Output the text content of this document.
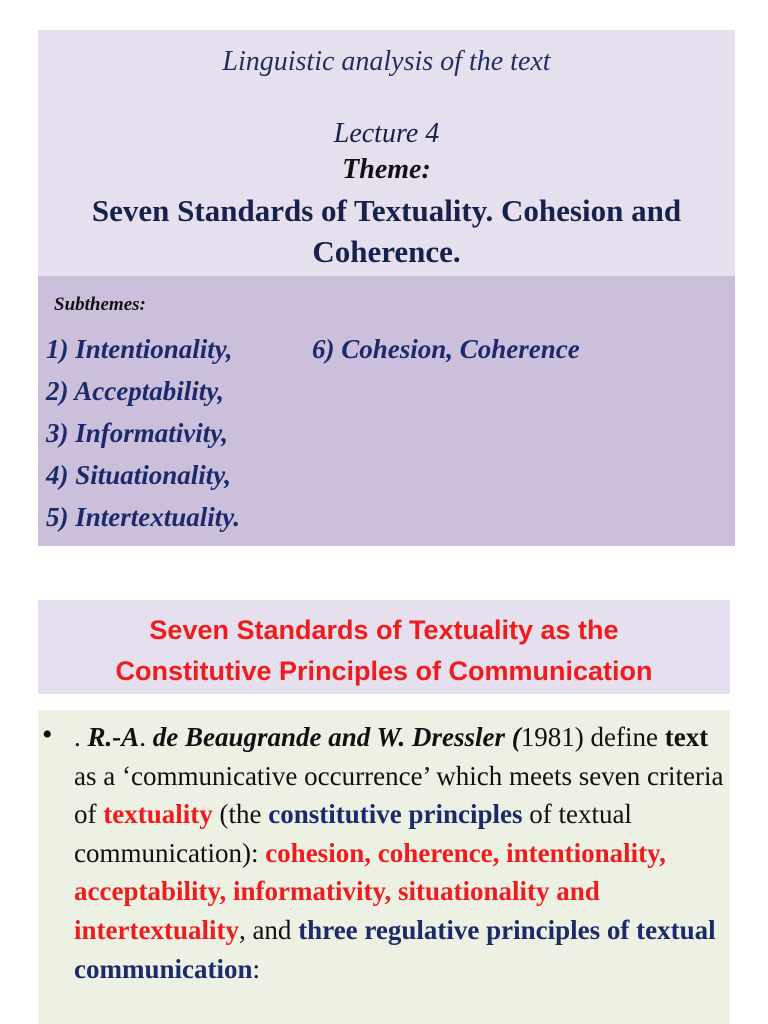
Linguistic analysis of the text
Lecture 4
Theme:
Seven Standards of Textuality. Cohesion and Coherence.
Subthemes:
1) Intentionality,
2) Acceptability,
3) Informativity,
4) Situationality,
5) Intertextuality.
6) Cohesion, Coherence
Seven Standards of Textuality as the
Constitutive Principles of Communication
• . R.-A. de Beaugrande and W. Dressler (1981) define text as a ‘communicative occurrence’ which meets seven criteria of textuality (the constitutive principles of textual communication): cohesion, coherence, intentionality, acceptability, informativity, situationality and intertextuality, and three regulative principles of textual communication:
